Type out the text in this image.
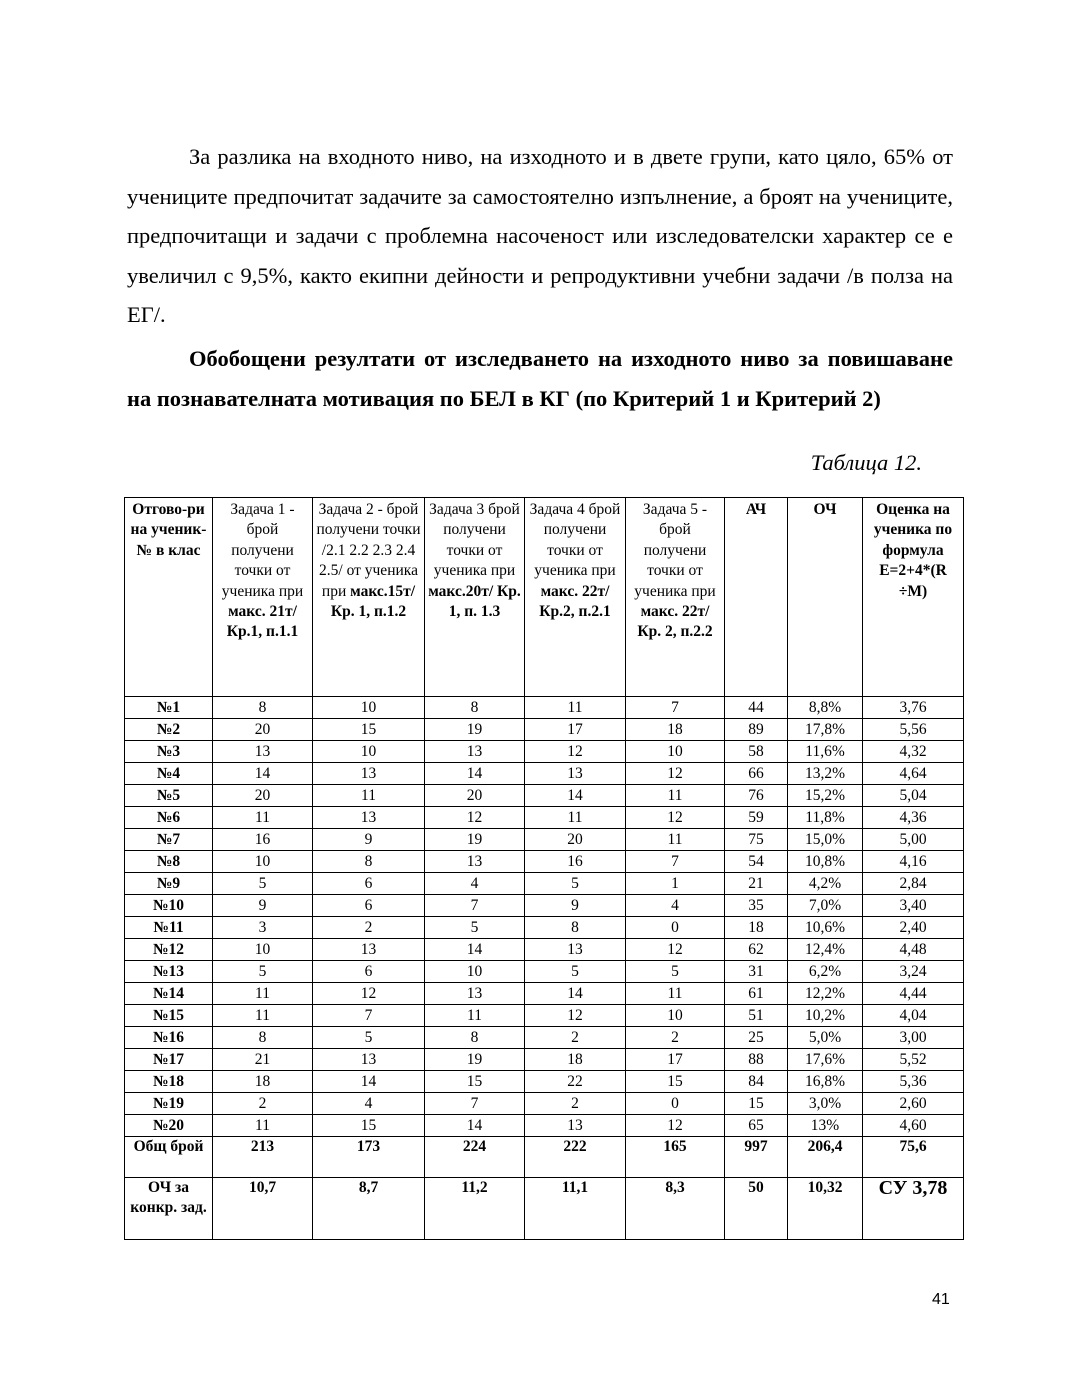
За разлика на входното ниво, на изходното и в двете групи, като цяло, 65% от учениците предпочитат задачите за самостоятелно изпълнение, а броят на учениците, предпочитащи и задачи с проблемна насоченост или изследователски характер се е увеличил с 9,5%, както екипни дейности и репродуктивни учебни задачи /в полза на ЕГ/.

Обобощени резултати от изследването на изходното ниво за повишаване на познавателната мотивация по БЕЛ в КГ (по Критерий 1 и Критерий 2)

Таблица 12.

Отгово-ри на ученик-№ в клас	Задача 1 - брой получени точки от ученика при макс. 21т/ Кр.1, п.1.1	Задача 2 - брой получени точки /2.1 2.2 2.3 2.4 2.5/ от ученика при макс.15т/ Кр. 1, п.1.2	Задача 3 брой получени точки от ученика при макс.20т/ Кр. 1, п. 1.3	Задача 4 брой получени точки от ученика при макс. 22т/ Кр.2, п.2.1	Задача 5 - брой получени точки от ученика при макс. 22т/ Кр. 2, п.2.2	АЧ	ОЧ	Оценка на ученика по формула Е=2+4*(R ÷М)
№1	8	10	8	11	7	44	8,8%	3,76
№2	20	15	19	17	18	89	17,8%	5,56
№3	13	10	13	12	10	58	11,6%	4,32
№4	14	13	14	13	12	66	13,2%	4,64
№5	20	11	20	14	11	76	15,2%	5,04
№6	11	13	12	11	12	59	11,8%	4,36
№7	16	9	19	20	11	75	15,0%	5,00
№8	10	8	13	16	7	54	10,8%	4,16
№9	5	6	4	5	1	21	4,2%	2,84
№10	9	6	7	9	4	35	7,0%	3,40
№11	3	2	5	8	0	18	10,6%	2,40
№12	10	13	14	13	12	62	12,4%	4,48
№13	5	6	10	5	5	31	6,2%	3,24
№14	11	12	13	14	11	61	12,2%	4,44
№15	11	7	11	12	10	51	10,2%	4,04
№16	8	5	8	2	2	25	5,0%	3,00
№17	21	13	19	18	17	88	17,6%	5,52
№18	18	14	15	22	15	84	16,8%	5,36
№19	2	4	7	2	0	15	3,0%	2,60
№20	11	15	14	13	12	65	13%	4,60
Общ брой	213	173	224	222	165	997	206,4	75,6
ОЧ за конкр. зад.	10,7	8,7	11,2	11,1	8,3	50	10,32	СУ 3,78

41
